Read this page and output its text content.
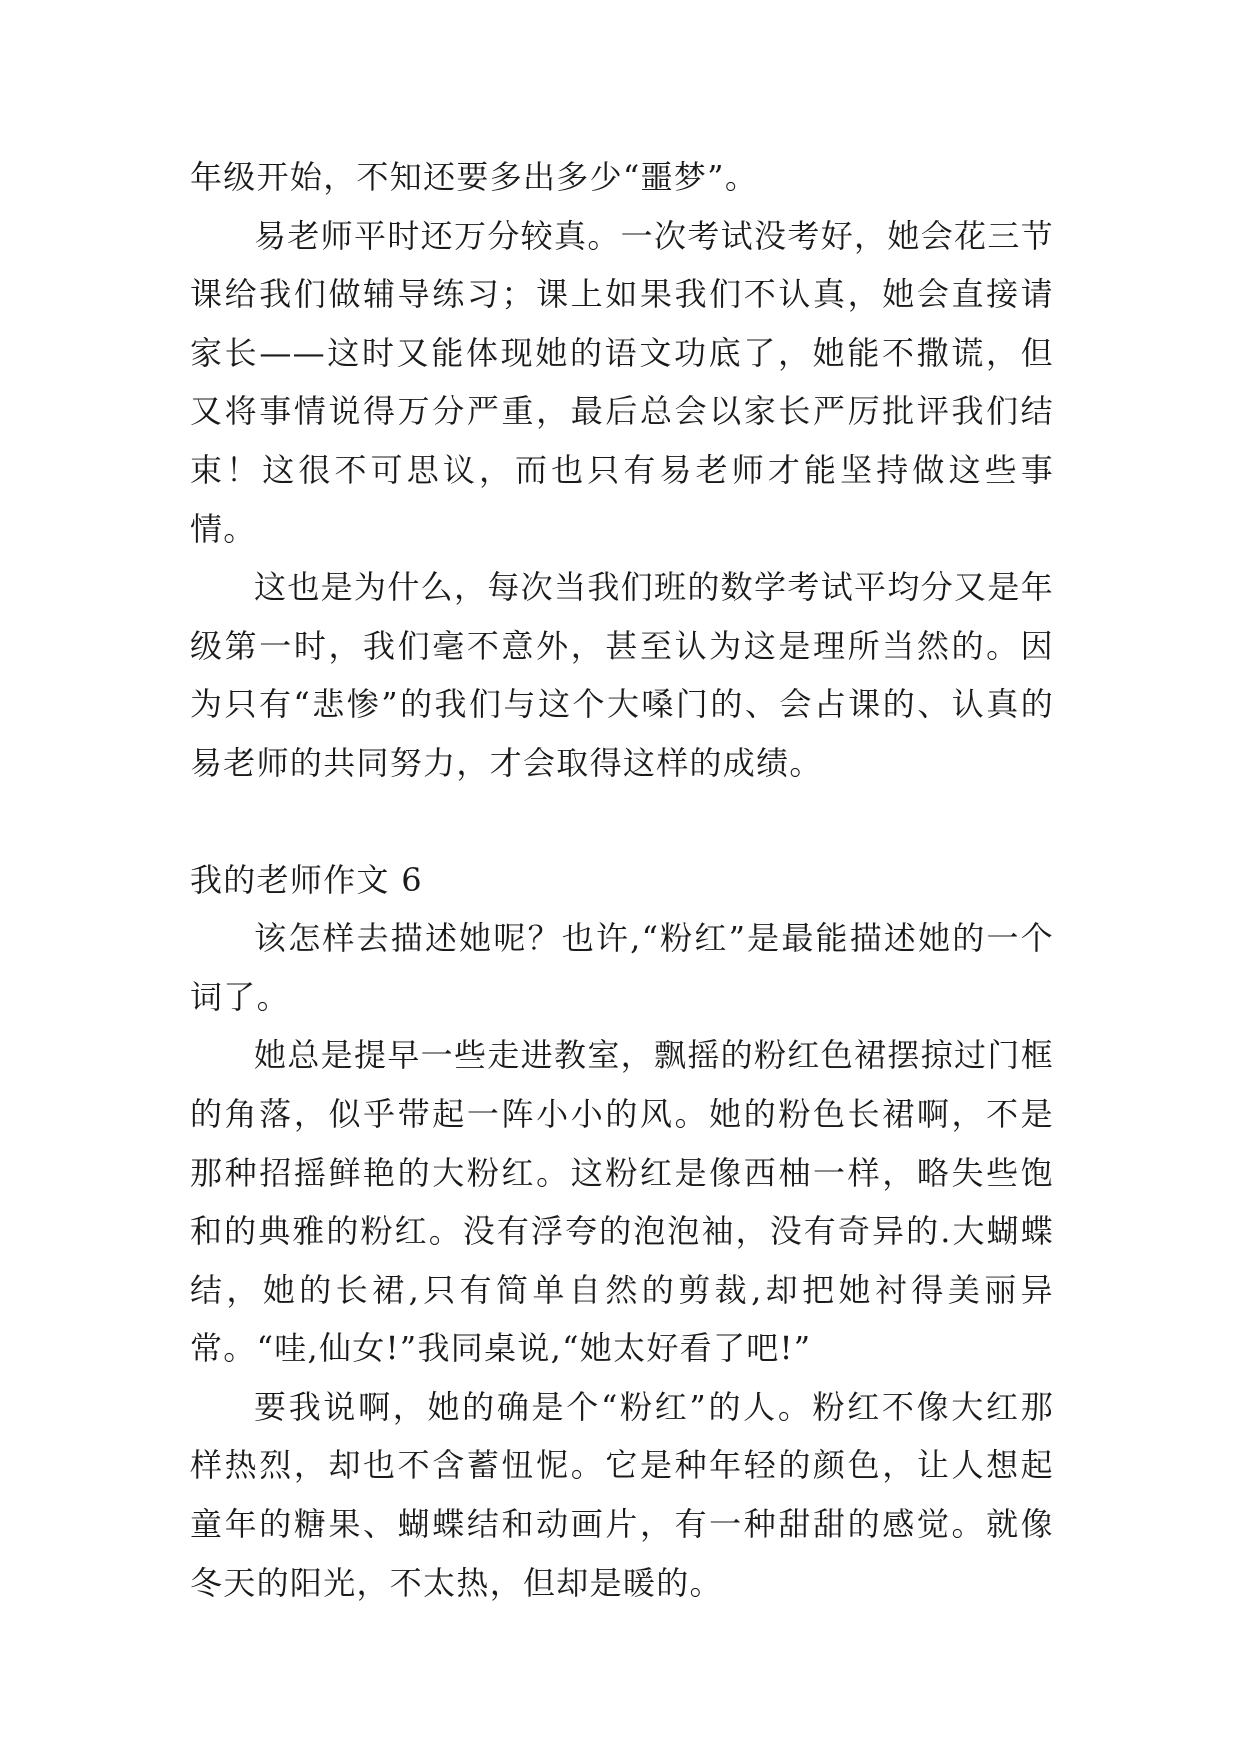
年级开始，不知还要多出多少“噩梦”。

易老师平时还万分较真。一次考试没考好，她会花三节课给我们做辅导练习；课上如果我们不认真，她会直接请家长——这时又能体现她的语文功底了，她能不撒谎，但又将事情说得万分严重，最后总会以家长严厉批评我们结束！这很不可思议，而也只有易老师才能坚持做这些事情。

这也是为什么，每次当我们班的数学考试平均分又是年级第一时，我们毫不意外，甚至认为这是理所当然的。因为只有“悲惨”的我们与这个大嗓门的、会占课的、认真的易老师的共同努力，才会取得这样的成绩。

我的老师作文 6

该怎样去描述她呢？也许,“粉红”是最能描述她的一个词了。

她总是提早一些走进教室，飘摇的粉红色裙摆掠过门框的角落，似乎带起一阵小小的风。她的粉色长裙啊，不是那种招摇鲜艳的大粉红。这粉红是像西柚一样，略失些饱和的典雅的粉红。没有浮夸的泡泡袖，没有奇异的.大蝴蝶结，她的长裙,只有简单自然的剪裁,却把她衬得美丽异常。“哇,仙女!”我同桌说,“她太好看了吧!”

要我说啊，她的确是个“粉红”的人。粉红不像大红那样热烈，却也不含蓄忸怩。它是种年轻的颜色，让人想起童年的糖果、蝴蝶结和动画片，有一种甜甜的感觉。就像冬天的阳光，不太热，但却是暖的。
